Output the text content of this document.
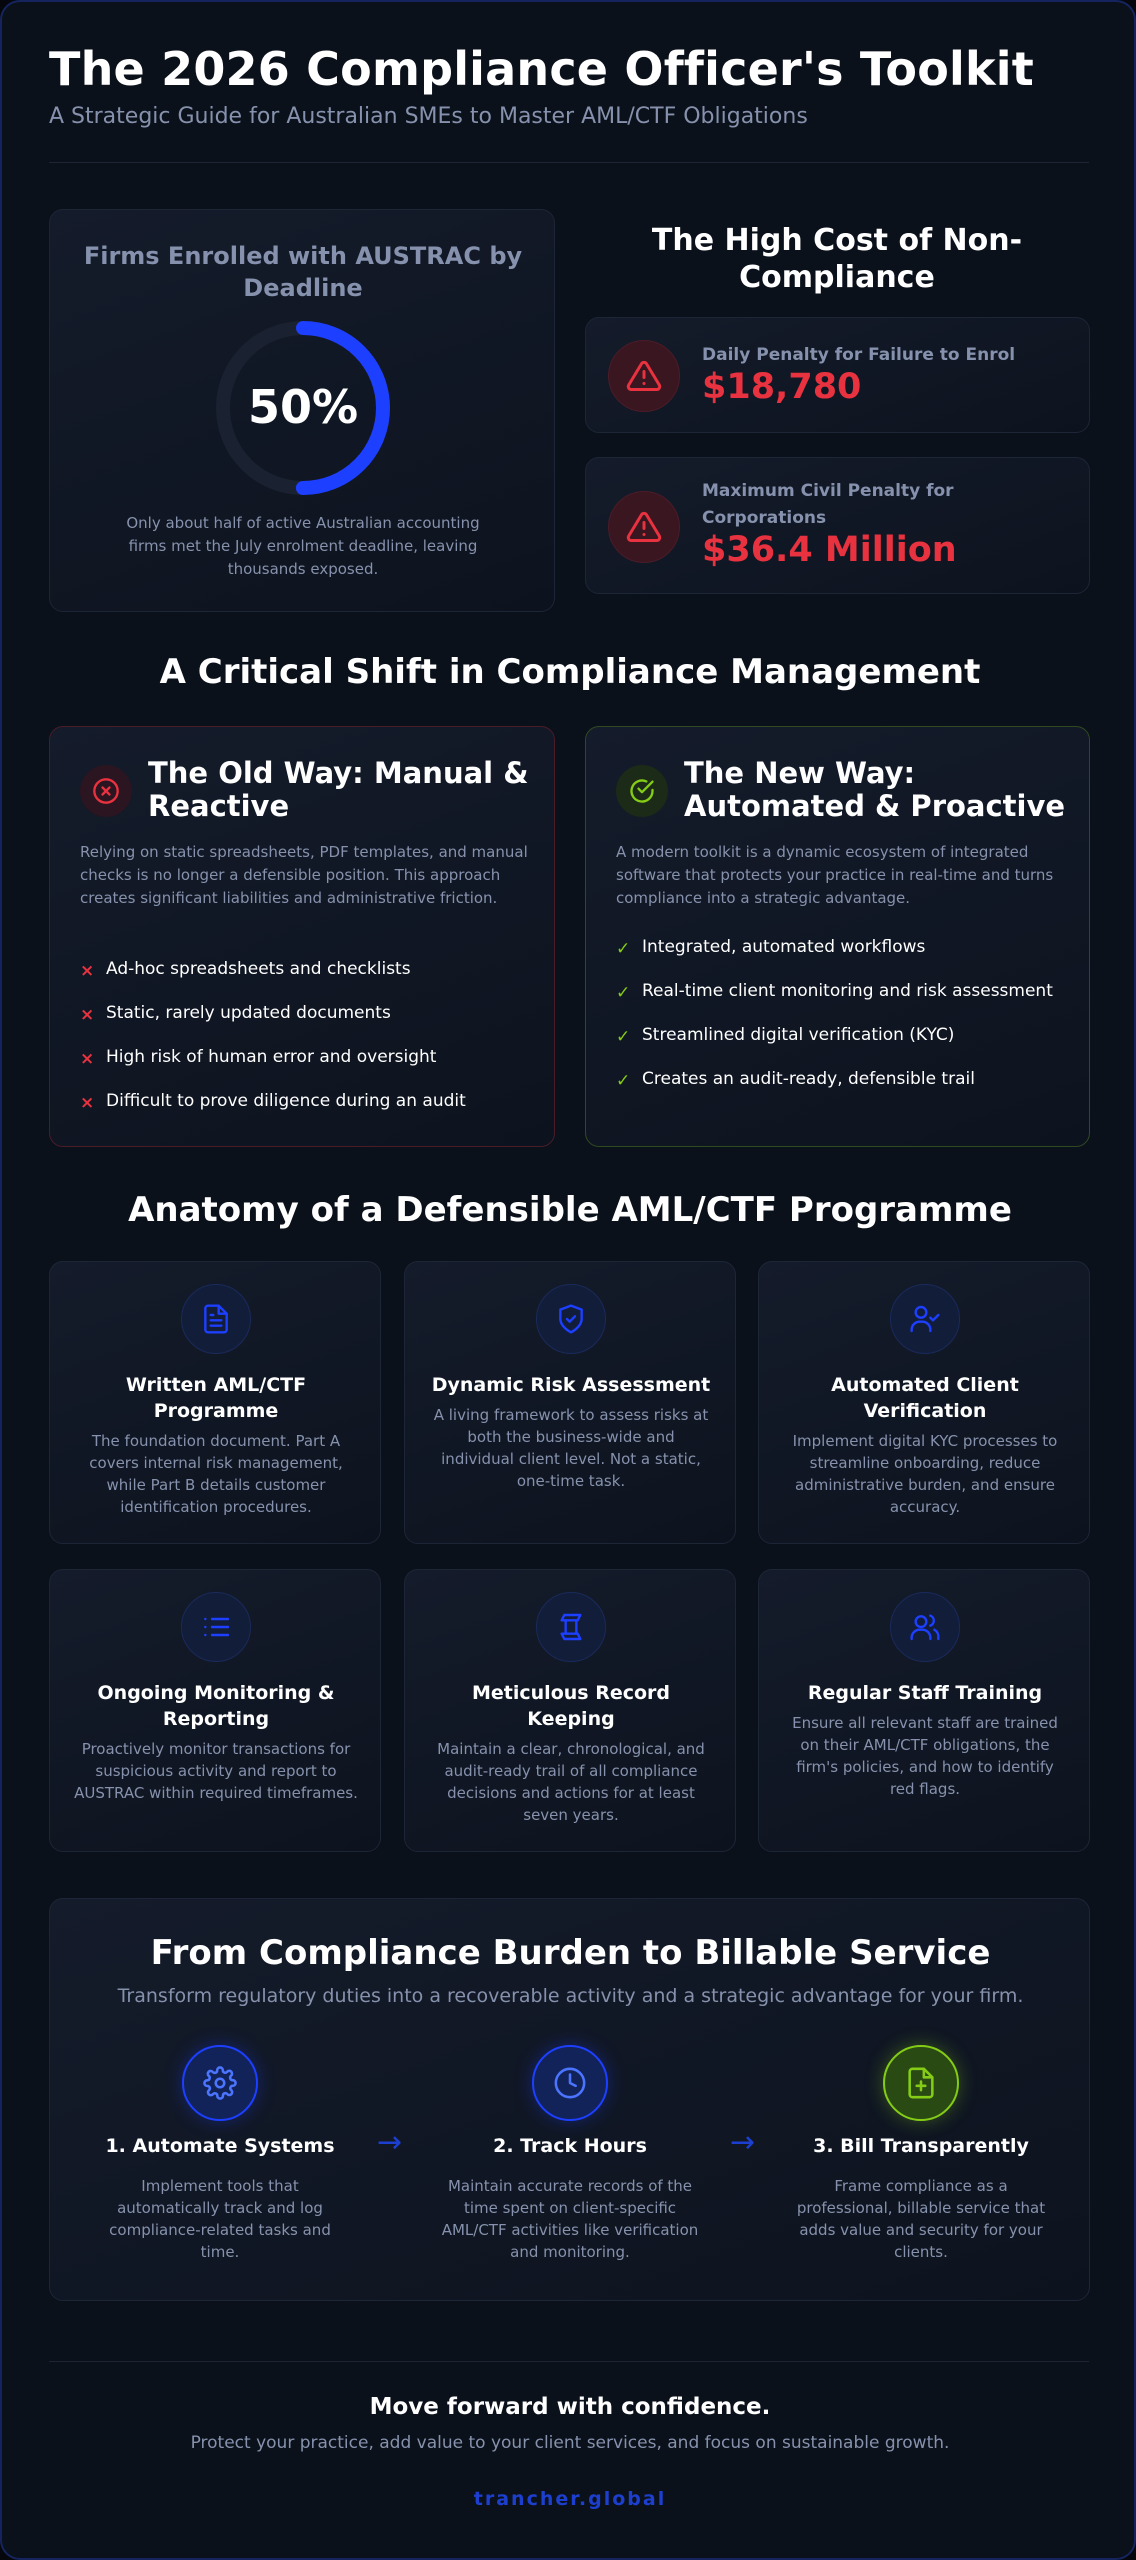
The 2026 Compliance Officer's Toolkit
A Strategic Guide for Australian SMEs to Master AML/CTF Obligations
Firms Enrolled with AUSTRAC by Deadline
50%
Only about half of active Australian accounting firms met the July enrolment deadline, leaving thousands exposed.
The High Cost of Non-Compliance
Daily Penalty for Failure to Enrol
$18,780
Maximum Civil Penalty for Corporations
$36.4 Million
A Critical Shift in Compliance Management
The Old Way: Manual & Reactive
Relying on static spreadsheets, PDF templates, and manual checks is no longer a defensible position. This approach creates significant liabilities and administrative friction.
× Ad-hoc spreadsheets and checklists
× Static, rarely updated documents
× High risk of human error and oversight
× Difficult to prove diligence during an audit
The New Way: Automated & Proactive
A modern toolkit is a dynamic ecosystem of integrated software that protects your practice in real-time and turns compliance into a strategic advantage.
✓ Integrated, automated workflows
✓ Real-time client monitoring and risk assessment
✓ Streamlined digital verification (KYC)
✓ Creates an audit-ready, defensible trail
Anatomy of a Defensible AML/CTF Programme
Written AML/CTF Programme
The foundation document. Part A covers internal risk management, while Part B details customer identification procedures.
Dynamic Risk Assessment
A living framework to assess risks at both the business-wide and individual client level. Not a static, one-time task.
Automated Client Verification
Implement digital KYC processes to streamline onboarding, reduce administrative burden, and ensure accuracy.
Ongoing Monitoring & Reporting
Proactively monitor transactions for suspicious activity and report to AUSTRAC within required timeframes.
Meticulous Record Keeping
Maintain a clear, chronological, and audit-ready trail of all compliance decisions and actions for at least seven years.
Regular Staff Training
Ensure all relevant staff are trained on their AML/CTF obligations, the firm's policies, and how to identify red flags.
From Compliance Burden to Billable Service
Transform regulatory duties into a recoverable activity and a strategic advantage for your firm.
1. Automate Systems
Implement tools that automatically track and log compliance-related tasks and time.
2. Track Hours
Maintain accurate records of the time spent on client-specific AML/CTF activities like verification and monitoring.
3. Bill Transparently
Frame compliance as a professional, billable service that adds value and security for your clients.
→	→
Move forward with confidence.
Protect your practice, add value to your client services, and focus on sustainable growth.
trancher.global
